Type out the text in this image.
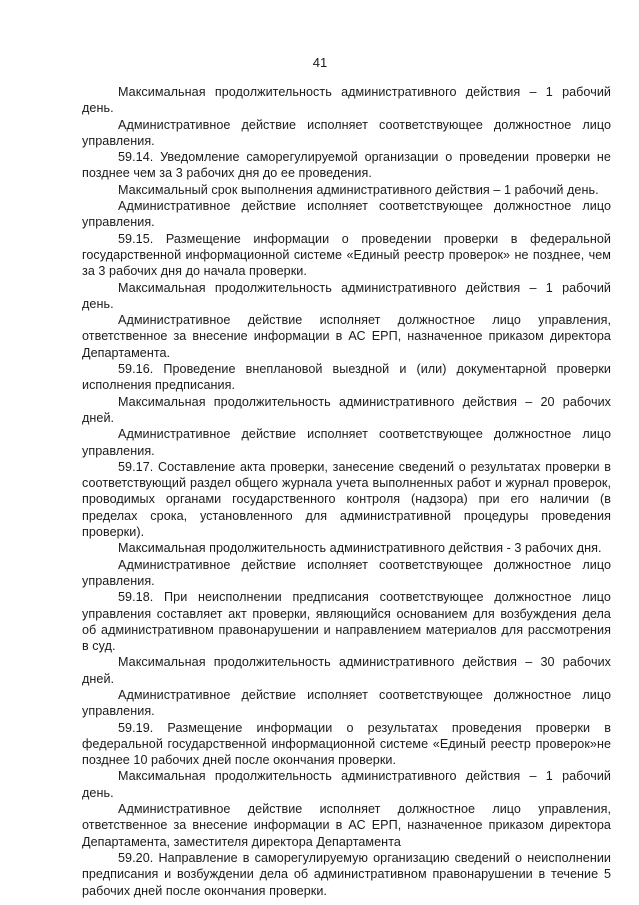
41

Максимальная продолжительность административного действия – 1 рабочий день.

Административное действие исполняет соответствующее должностное лицо управления.

59.14. Уведомление саморегулируемой организации о проведении проверки не позднее чем за 3 рабочих дня до ее проведения.

Максимальный срок выполнения административного действия – 1 рабочий день.

Административное действие исполняет соответствующее должностное лицо управления.

59.15. Размещение информации о проведении проверки в федеральной государственной информационной системе «Единый реестр проверок» не позднее, чем за 3 рабочих дня до начала проверки.

Максимальная продолжительность административного действия – 1 рабочий день.

Административное действие исполняет должностное лицо управления, ответственное за внесение информации в АС ЕРП, назначенное приказом директора Департамента.

59.16. Проведение внеплановой выездной и (или) документарной проверки исполнения предписания.

Максимальная продолжительность административного действия – 20 рабочих дней.

Административное действие исполняет соответствующее должностное лицо управления.

59.17. Составление акта проверки, занесение сведений о результатах проверки в соответствующий раздел общего журнала учета выполненных работ и журнал проверок, проводимых органами государственного контроля (надзора) при его наличии (в пределах срока, установленного для административной процедуры проведения проверки).

Максимальная продолжительность административного действия - 3 рабочих дня.

Административное действие исполняет соответствующее должностное лицо управления.

59.18. При неисполнении предписания соответствующее должностное лицо управления составляет акт проверки, являющийся основанием для возбуждения дела об административном правонарушении и направлением материалов для рассмотрения в суд.

Максимальная продолжительность административного действия – 30 рабочих дней.

Административное действие исполняет соответствующее должностное лицо управления.

59.19. Размещение информации о результатах проведения проверки в федеральной государственной информационной системе «Единый реестр проверок»не позднее 10 рабочих дней после окончания проверки.

Максимальная продолжительность административного действия – 1 рабочий день.

Административное действие исполняет должностное лицо управления, ответственное за внесение информации в АС ЕРП, назначенное приказом директора Департамента, заместителя директора Департамента

59.20. Направление в саморегулируемую организацию сведений о неисполнении предписания и возбуждении дела об административном правонарушении в течение 5 рабочих дней после окончания проверки.
